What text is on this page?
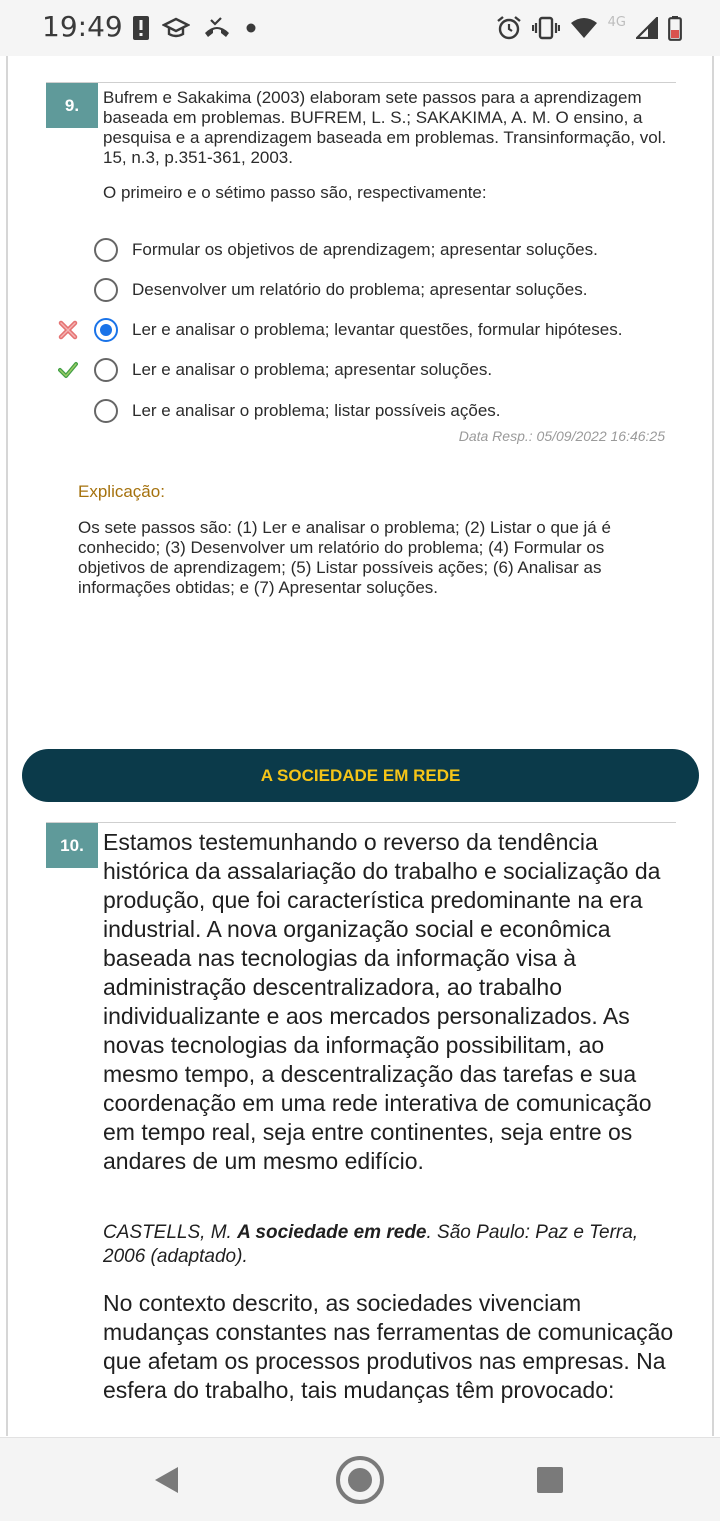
19:49	4G
9.	Bufrem e Sakakima (2003) elaboram sete passos para a aprendizagem baseada em problemas. BUFREM, L. S.; SAKAKIMA, A. M. O ensino, a pesquisa e a aprendizagem baseada em problemas. Transinformação, vol. 15, n.3, p.351-361, 2003.
O primeiro e o sétimo passo são, respectivamente:
Formular os objetivos de aprendizagem; apresentar soluções.
Desenvolver um relatório do problema; apresentar soluções.
Ler e analisar o problema; levantar questões, formular hipóteses.
Ler e analisar o problema; apresentar soluções.
Ler e analisar o problema; listar possíveis ações.
Data Resp.: 05/09/2022 16:46:25
Explicação:
Os sete passos são: (1) Ler e analisar o problema; (2) Listar o que já é conhecido; (3) Desenvolver um relatório do problema; (4) Formular os objetivos de aprendizagem; (5) Listar possíveis ações; (6) Analisar as informações obtidas; e (7) Apresentar soluções.
A SOCIEDADE EM REDE
10. Estamos testemunhando o reverso da tendência histórica da assalariação do trabalho e socialização da produção, que foi característica predominante na era industrial. A nova organização social e econômica baseada nas tecnologias da informação visa à administração descentralizadora, ao trabalho individualizante e aos mercados personalizados. As novas tecnologias da informação possibilitam, ao mesmo tempo, a descentralização das tarefas e sua coordenação em uma rede interativa de comunicação em tempo real, seja entre continentes, seja entre os andares de um mesmo edifício.
CASTELLS, M. A sociedade em rede. São Paulo: Paz e Terra, 2006 (adaptado).
No contexto descrito, as sociedades vivenciam mudanças constantes nas ferramentas de comunicação que afetam os processos produtivos nas empresas. Na esfera do trabalho, tais mudanças têm provocado:
